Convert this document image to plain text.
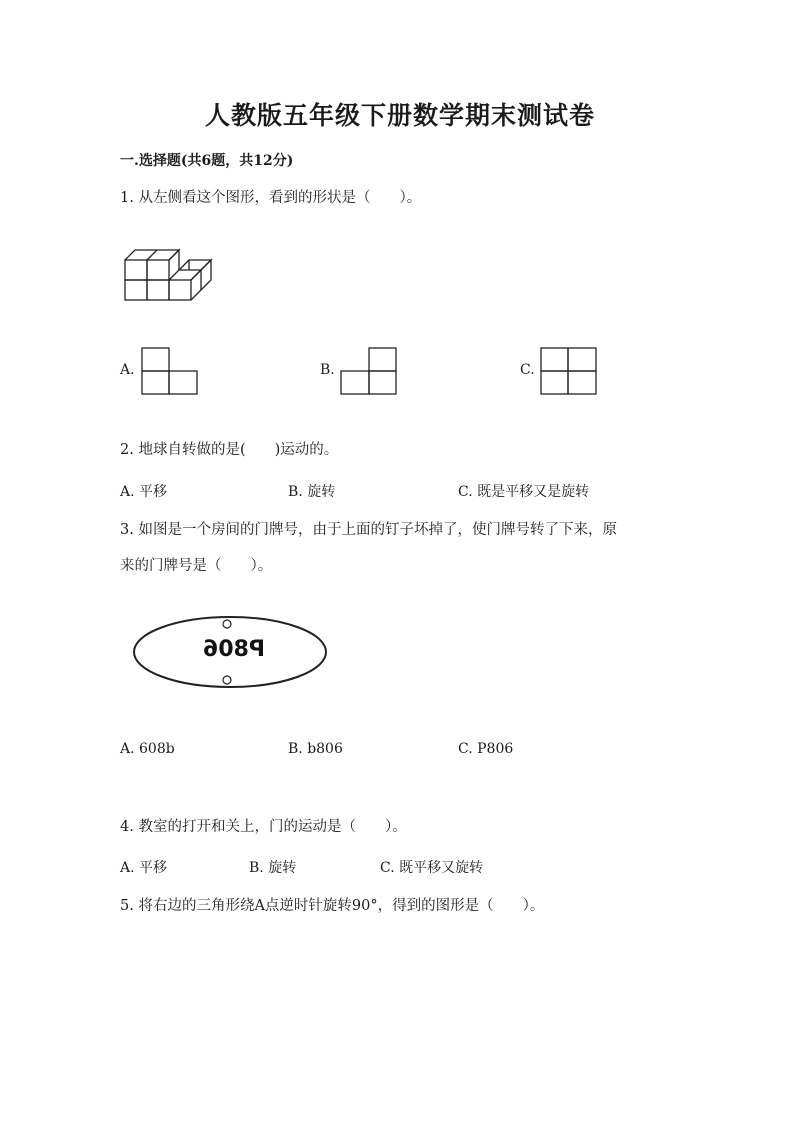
人教版五年级下册数学期末测试卷
一.选择题(共6题，共12分)
1. 从左侧看这个图形，看到的形状是（　　）。
A.	B.	C.
2. 地球自转做的是(　　)运动的。
A. 平移	B. 旋转	C. 既是平移又是旋转
3. 如图是一个房间的门牌号，由于上面的钉子坏掉了，使门牌号转了下来，原
来的门牌号是（　　）。
P806
A. 608b	B. b806	C. P806
4. 教室的打开和关上，门的运动是（　　）。
A. 平移	B. 旋转	C. 既平移又旋转
5. 将右边的三角形绕A点逆时针旋转90°，得到的图形是（　　）。
